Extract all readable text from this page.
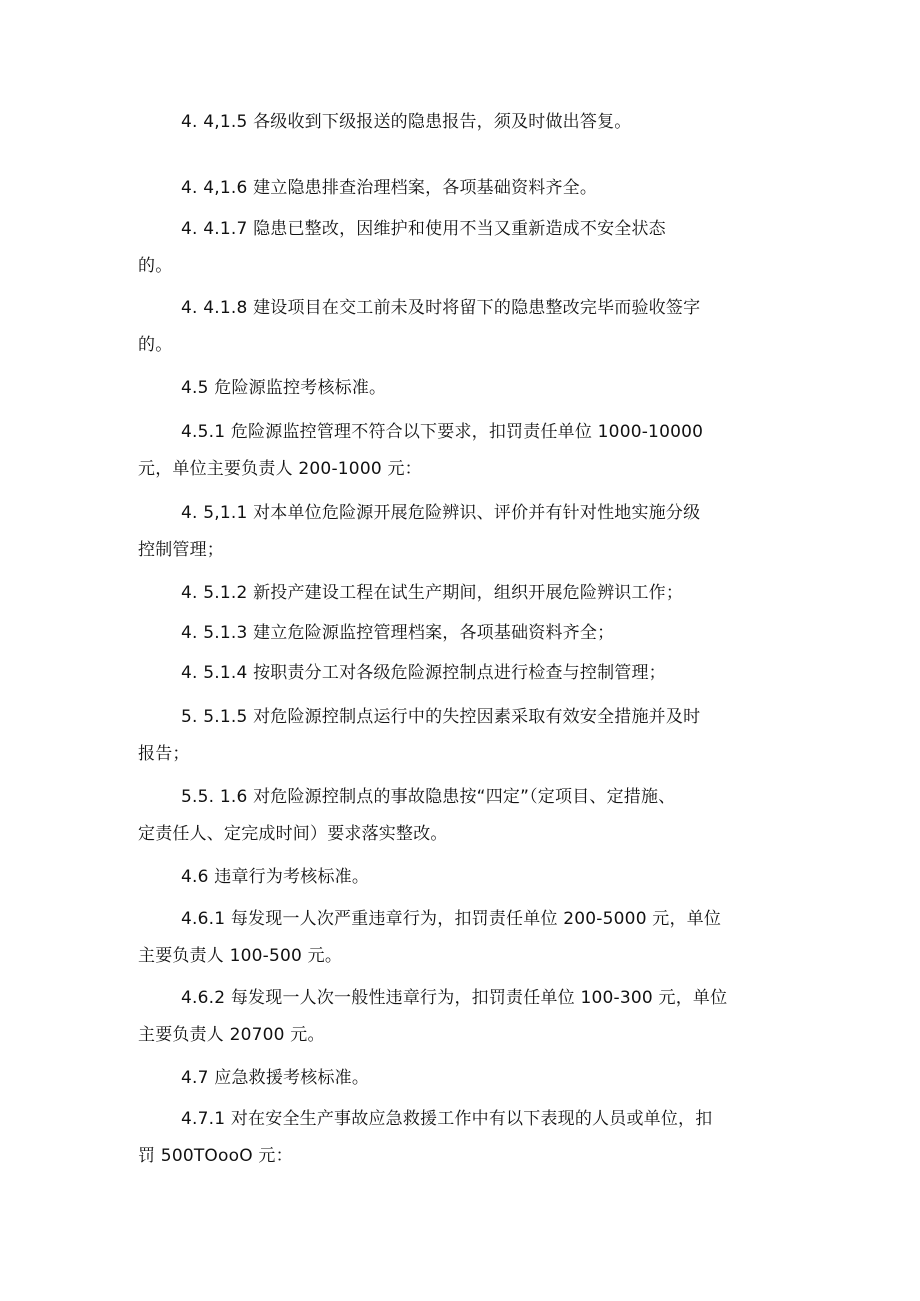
4. 4,1.5 各级收到下级报送的隐患报告，须及时做出答复。
4. 4,1.6 建立隐患排查治理档案，各项基础资料齐全。
4. 4.1.7 隐患已整改，因维护和使用不当又重新造成不安全状态
的。
4. 4.1.8 建设项目在交工前未及时将留下的隐患整改完毕而验收签字
的。
4.5 危险源监控考核标准。
4.5.1 危险源监控管理不符合以下要求，扣罚责任单位 1000-10000
元，单位主要负责人 200-1000 元：
4. 5,1.1 对本单位危险源开展危险辨识、评价并有针对性地实施分级
控制管理；
4. 5.1.2 新投产建设工程在试生产期间，组织开展危险辨识工作；
4. 5.1.3 建立危险源监控管理档案，各项基础资料齐全；
4. 5.1.4 按职责分工对各级危险源控制点进行检查与控制管理；
5. 5.1.5 对危险源控制点运行中的失控因素采取有效安全措施并及时
报告；
5.5. 1.6 对危险源控制点的事故隐患按“四定”（定项目、定措施、
定责任人、定完成时间）要求落实整改。
4.6 违章行为考核标准。
4.6.1 每发现一人次严重违章行为，扣罚责任单位 200-5000 元，单位
主要负责人 100-500 元。
4.6.2 每发现一人次一般性违章行为，扣罚责任单位 100-300 元，单位
主要负责人 20700 元。
4.7 应急救援考核标准。
4.7.1 对在安全生产事故应急救援工作中有以下表现的人员或单位，扣
罚 500TOooO 元：
